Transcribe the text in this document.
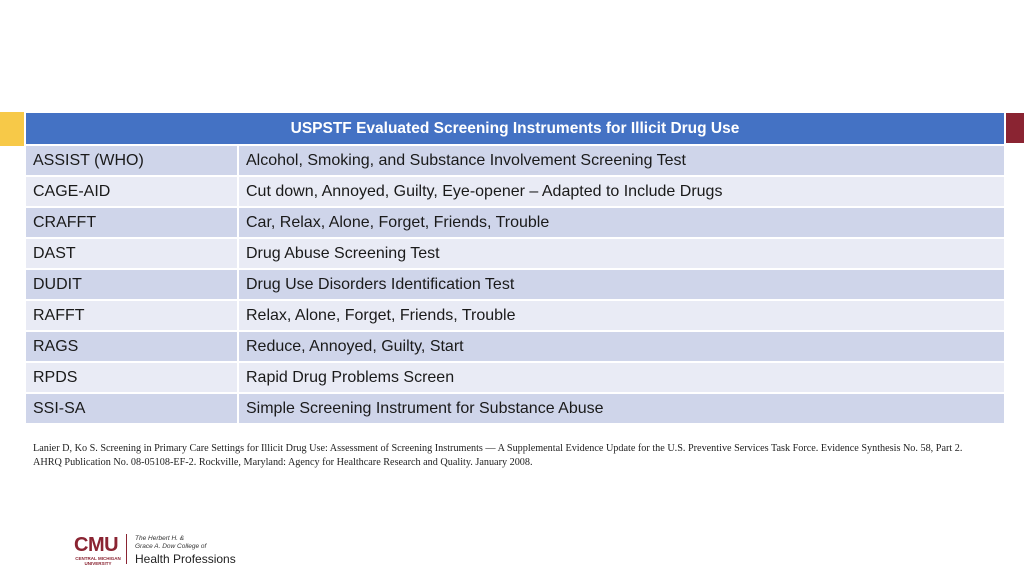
USPSTF Evaluated Screening Instruments for Illicit Drug Use	
ASSIST (WHO)	Alcohol, Smoking, and Substance Involvement Screening Test
CAGE-AID	Cut down, Annoyed, Guilty, Eye-opener – Adapted to Include Drugs
CRAFFT	Car, Relax, Alone, Forget, Friends, Trouble
DAST	Drug Abuse Screening Test
DUDIT	Drug Use Disorders Identification Test
RAFFT	Relax, Alone, Forget, Friends, Trouble
RAGS	Reduce, Annoyed, Guilty, Start
RPDS	Rapid Drug Problems Screen
SSI-SA	Simple Screening Instrument for Substance Abuse
Lanier D, Ko S. Screening in Primary Care Settings for Illicit Drug Use: Assessment of Screening Instruments — A Supplemental Evidence Update for the U.S. Preventive Services Task Force. Evidence Synthesis No. 58, Part 2. AHRQ Publication No. 08-05108-EF-2. Rockville, Maryland: Agency for Healthcare Research and Quality. January 2008.
CMU
CENTRAL MICHIGAN UNIVERSITY
The Herbert H. &
Grace A. Dow College of
Health Professions
